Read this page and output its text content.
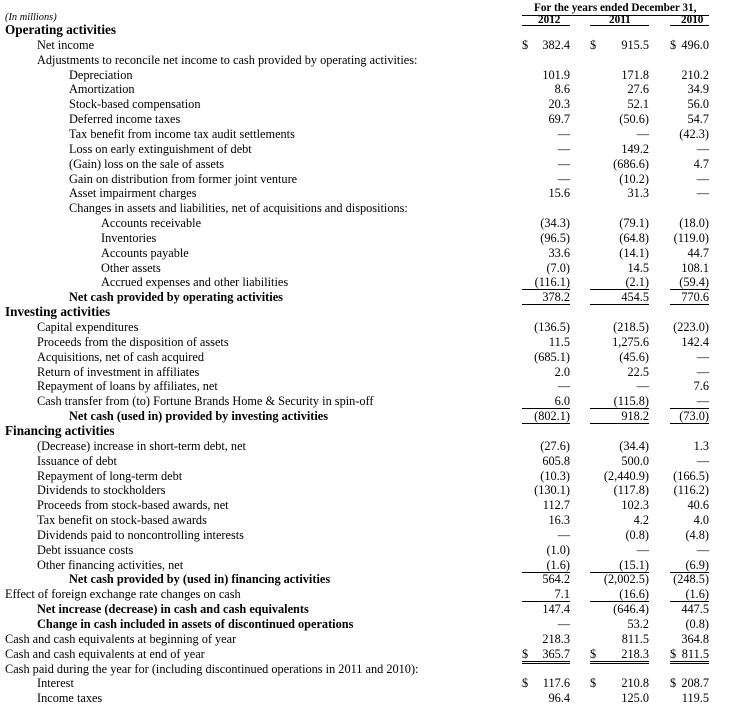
For the years ended December 31,
2012	2011	2010
(In millions)
Operating activities
Net income	$ 382.4 $ 915.5 $ 496.0
Adjustments to reconcile net income to cash provided by operating activities:
Depreciation	101.9	171.8	210.2
Amortization	8.6	27.6	34.9
Stock-based compensation	20.3	52.1	56.0
Deferred income taxes	69.7	(50.6)	54.7
Tax benefit from income tax audit settlements	—	— (42.3)
Loss on early extinguishment of debt	—	149.2	—
(Gain) loss on the sale of assets	—	(686.6)	4.7
Gain on distribution from former joint venture	—	(10.2)	—
Asset impairment charges	15.6	31.3	—
Changes in assets and liabilities, net of acquisitions and dispositions:
Accounts receivable	(34.3)	(79.1) (18.0)
Inventories	(96.5)	(64.8) (119.0)
Accounts payable	33.6	(14.1)	44.7
Other assets	(7.0)	14.5	108.1
Accrued expenses and other liabilities	(116.1)	(2.1) (59.4)
Net cash provided by operating activities	378.2	454.5	770.6
Investing activities
Capital expenditures	(136.5)	(218.5) (223.0)
Proceeds from the disposition of assets	11.5	1,275.6	142.4
Acquisitions, net of cash acquired	(685.1)	(45.6)	—
Return of investment in affiliates	2.0	22.5	—
Repayment of loans by affiliates, net	—	—	7.6
Cash transfer from (to) Fortune Brands Home & Security in spin-off	6.0	(115.8)	—
Net cash (used in) provided by investing activities	(802.1)	918.2 (73.0)
Financing activities
(Decrease) increase in short-term debt, net	(27.6)	(34.4)	1.3
Issuance of debt	605.8	500.0	—
Repayment of long-term debt	(10.3)	(2,440.9) (166.5)
Dividends to stockholders	(130.1)	(117.8) (116.2)
Proceeds from stock-based awards, net	112.7	102.3	40.6
Tax benefit on stock-based awards	16.3	4.2	4.0
Dividends paid to noncontrolling interests	—	(0.8)	(4.8)
Debt issuance costs	(1.0)	—	—
Other financing activities, net	(1.6)	(15.1)	(6.9)
Net cash provided by (used in) financing activities	564.2	(2,002.5) (248.5)
Effect of foreign exchange rate changes on cash	7.1	(16.6)	(1.6)
Net increase (decrease) in cash and cash equivalents	147.4	(646.4)	447.5
Change in cash included in assets of discontinued operations	—	53.2	(0.8)
Cash and cash equivalents at beginning of year	218.3	811.5	364.8
Cash and cash equivalents at end of year	$ 365.7 $ 218.3 $ 811.5
Cash paid during the year for (including discontinued operations in 2011 and 2010):
Interest	$ 117.6 $ 210.8 $ 208.7
Income taxes	96.4	125.0	119.5
